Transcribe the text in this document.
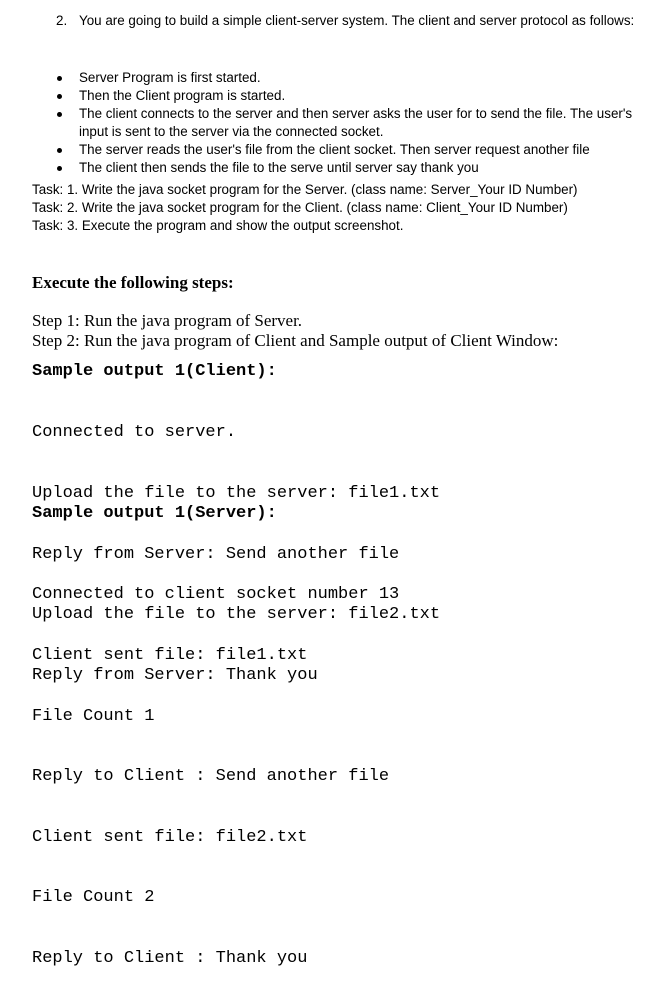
2. You are going to build a simple client-server system. The client and server protocol as follows:
Server Program is first started.
Then the Client program is started.
The client connects to the server and then server asks the user for to send the file. The user's input is sent to the server via the connected socket.
The server reads the user's file from the client socket. Then server request another file
The client then sends the file to the serve until server say thank you
Task: 1. Write the java socket program for the Server. (class name: Server_Your ID Number)
Task: 2. Write the java socket program for the Client. (class name: Client_Your ID Number)
Task: 3. Execute the program and show the output screenshot.
Execute the following steps:
Step 1: Run the java program of Server.
Step 2: Run the java program of Client and Sample output of Client Window:
Sample output 1(Client):

Connected to server.

Upload the file to the server: file1.txt

Reply from Server: Send another file

Upload the file to the server: file2.txt

Reply from Server: Thank you

Sample output 1(Server):

Connected to client socket number 13

Client sent file: file1.txt

File Count 1

Reply to Client : Send another file

Client sent file: file2.txt

File Count 2

Reply to Client : Thank you
